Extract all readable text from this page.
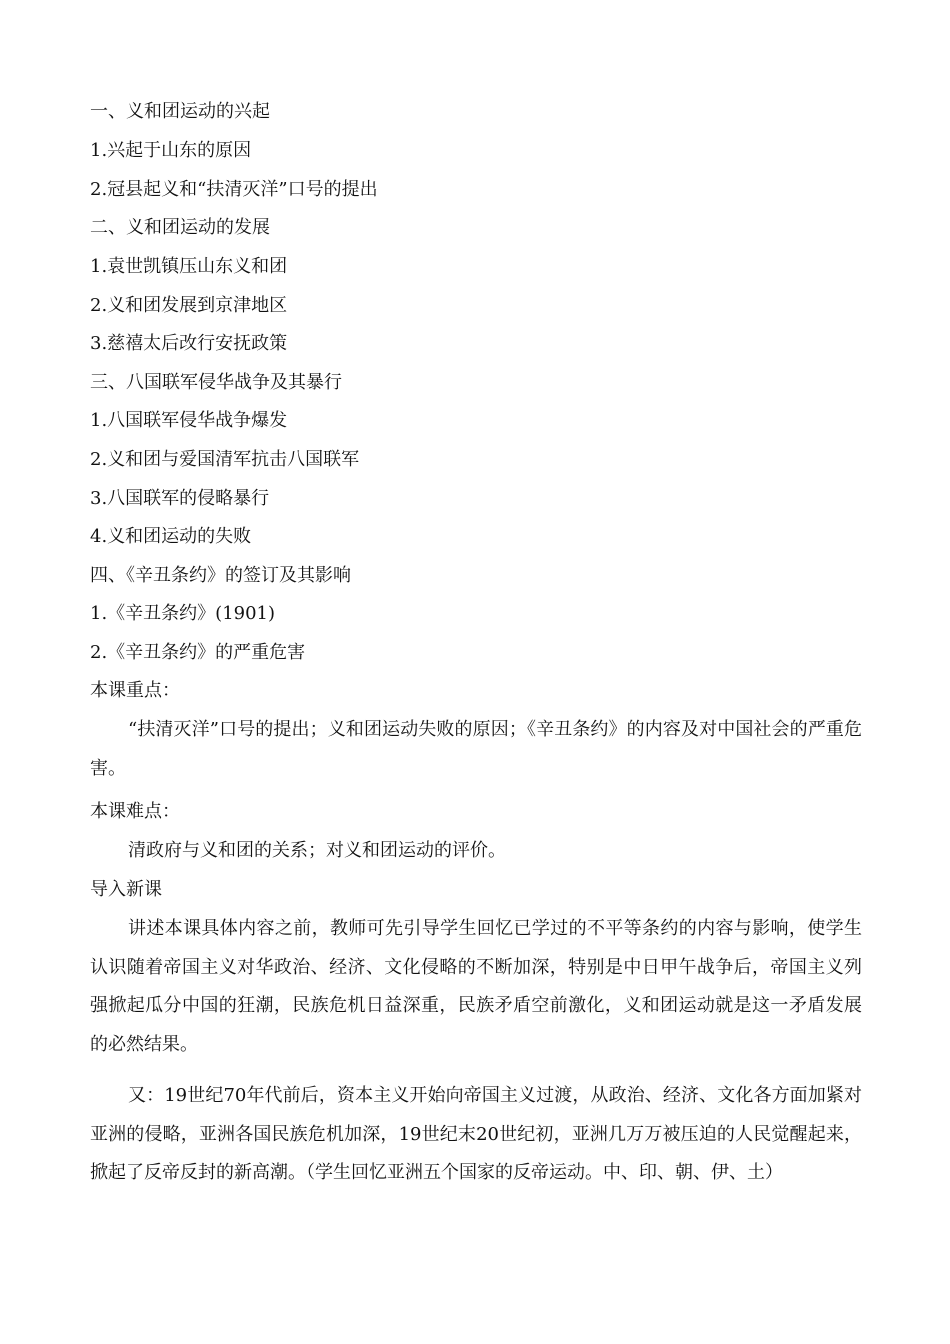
一、义和团运动的兴起
1.兴起于山东的原因
2.冠县起义和“扶清灭洋”口号的提出
二、义和团运动的发展
1.袁世凯镇压山东义和团
2.义和团发展到京津地区
3.慈禧太后改行安抚政策
三、八国联军侵华战争及其暴行
1.八国联军侵华战争爆发
2.义和团与爱国清军抗击八国联军
3.八国联军的侵略暴行
4.义和团运动的失败
四、《辛丑条约》的签订及其影响
1.《辛丑条约》(1901)
2.《辛丑条约》的严重危害
本课重点：
“扶清灭洋”口号的提出；义和团运动失败的原因；《辛丑条约》的内容及对中国社会的严重危害。
本课难点：
清政府与义和团的关系；对义和团运动的评价。
导入新课
讲述本课具体内容之前，教师可先引导学生回忆已学过的不平等条约的内容与影响，使学生认识随着帝国主义对华政治、经济、文化侵略的不断加深，特别是中日甲午战争后，帝国主义列强掀起瓜分中国的狂潮，民族危机日益深重，民族矛盾空前激化，义和团运动就是这一矛盾发展的必然结果。
又：19世纪70年代前后，资本主义开始向帝国主义过渡，从政治、经济、文化各方面加紧对亚洲的侵略，亚洲各国民族危机加深，19世纪末20世纪初，亚洲几万万被压迫的人民觉醒起来，掀起了反帝反封的新高潮。（学生回忆亚洲五个国家的反帝运动。中、印、朝、伊、土）
